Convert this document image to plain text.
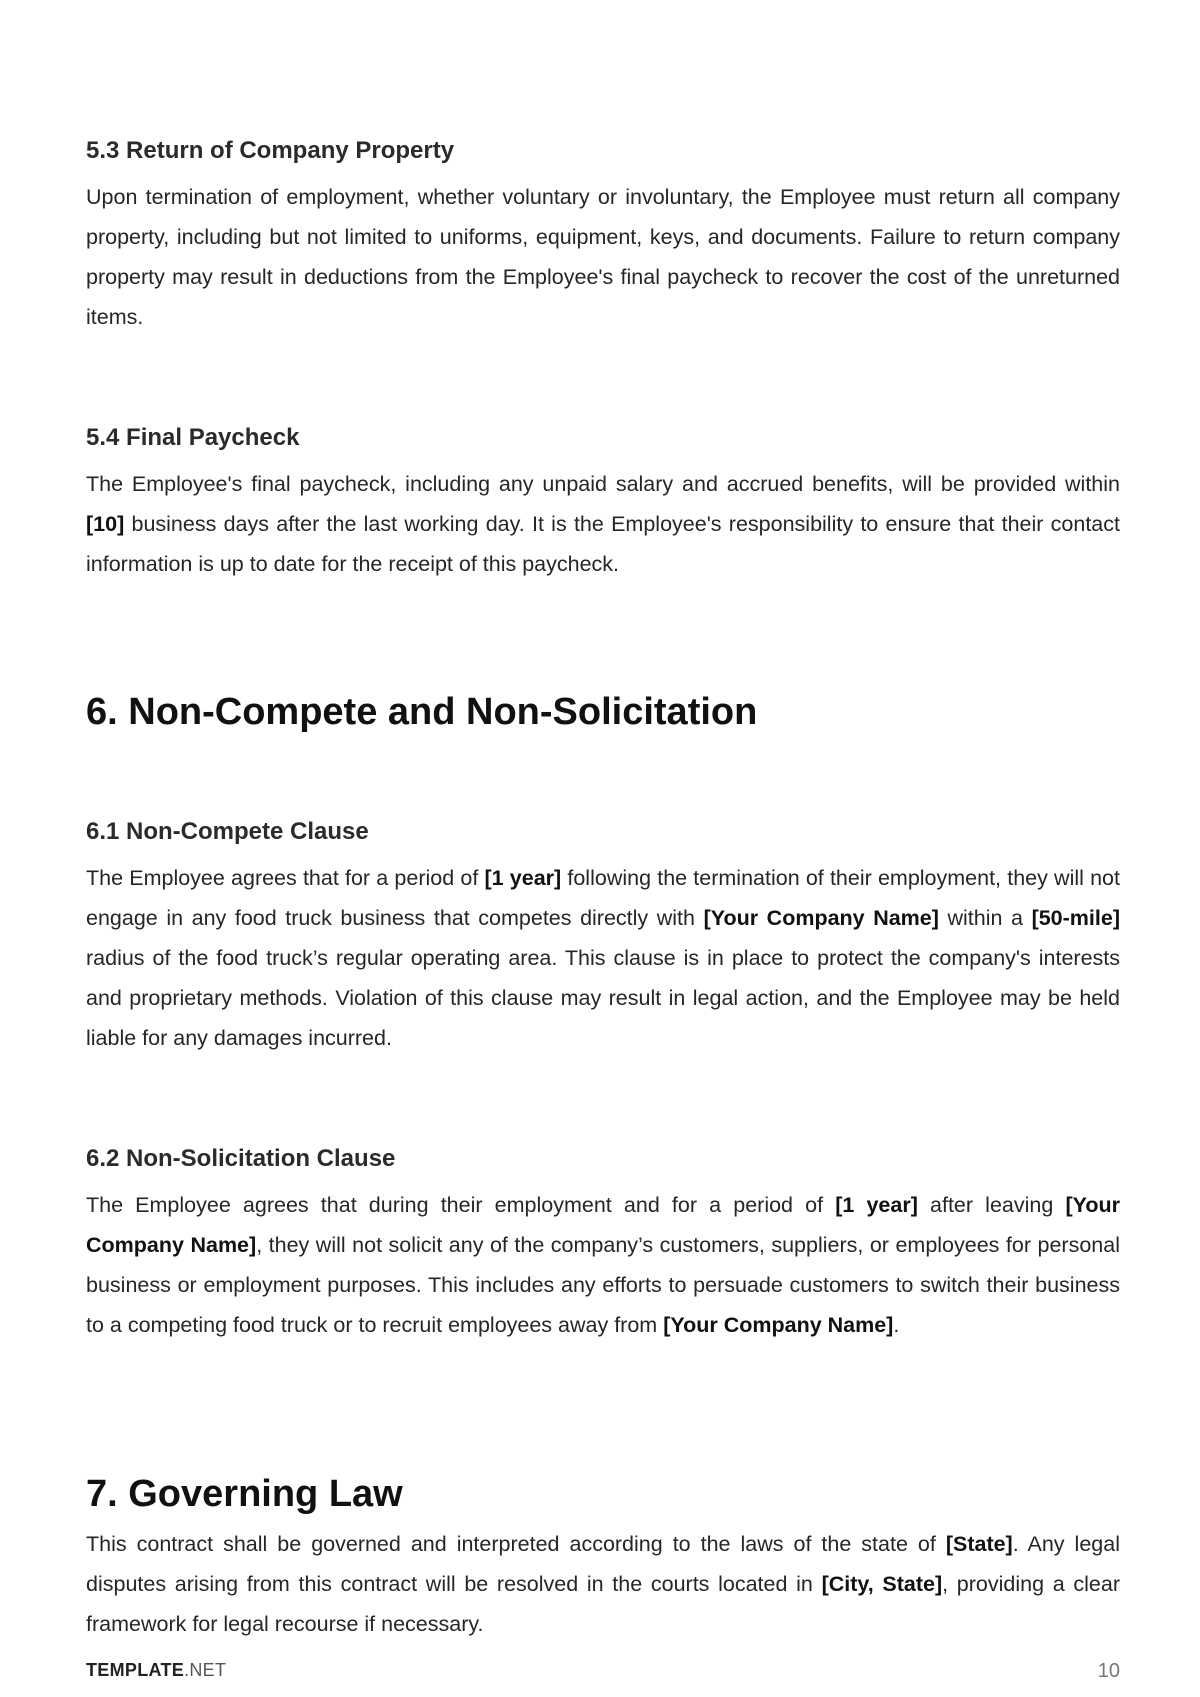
5.3 Return of Company Property

Upon termination of employment, whether voluntary or involuntary, the Employee must return all company property, including but not limited to uniforms, equipment, keys, and documents. Failure to return company property may result in deductions from the Employee's final paycheck to recover the cost of the unreturned items.

5.4 Final Paycheck

The Employee's final paycheck, including any unpaid salary and accrued benefits, will be provided within [10] business days after the last working day. It is the Employee's responsibility to ensure that their contact information is up to date for the receipt of this paycheck.

6. Non-Compete and Non-Solicitation
6.1 Non-Compete Clause

The Employee agrees that for a period of [1 year] following the termination of their employment, they will not engage in any food truck business that competes directly with [Your Company Name] within a [50-mile] radius of the food truck’s regular operating area. This clause is in place to protect the company's interests and proprietary methods. Violation of this clause may result in legal action, and the Employee may be held liable for any damages incurred.

6.2 Non-Solicitation Clause

The Employee agrees that during their employment and for a period of [1 year] after leaving [Your Company Name], they will not solicit any of the company’s customers, suppliers, or employees for personal business or employment purposes. This includes any efforts to persuade customers to switch their business to a competing food truck or to recruit employees away from [Your Company Name].

7. Governing Law

This contract shall be governed and interpreted according to the laws of the state of [State]. Any legal disputes arising from this contract will be resolved in the courts located in [City, State], providing a clear framework for legal recourse if necessary.

TEMPLATE.NET	10
